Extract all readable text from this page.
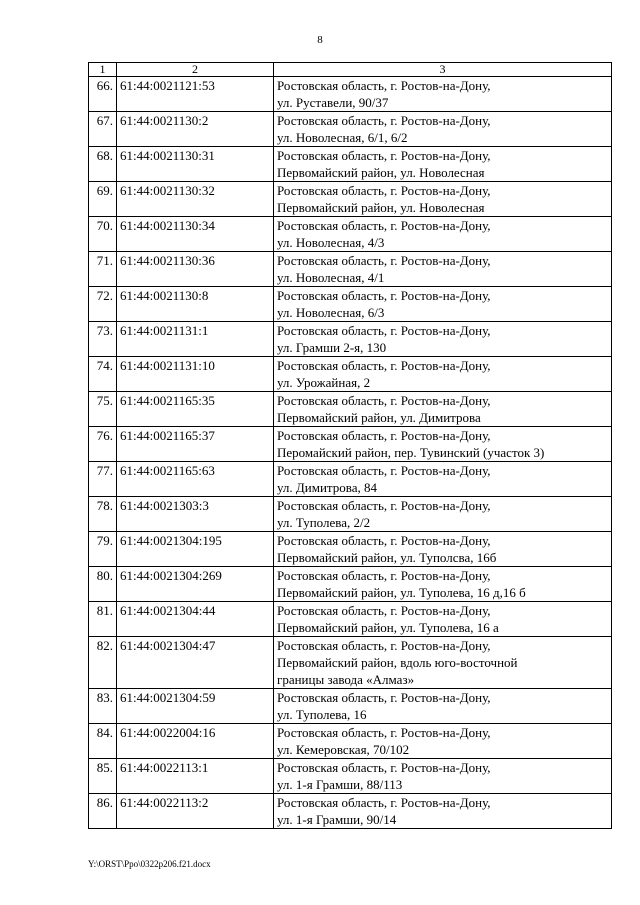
8
1	2	3
66.	61:44:0021121:53	Ростовская область, г. Ростов-на-Дону,
ул. Руставели, 90/37

67.	61:44:0021130:2	Ростовская область, г. Ростов-на-Дону,
ул. Новолесная, 6/1, 6/2

68.	61:44:0021130:31	Ростовская область, г. Ростов-на-Дону,
Первомайский район, ул. Новолесная

69.	61:44:0021130:32	Ростовская область, г. Ростов-на-Дону,
Первомайский район, ул. Новолесная

70.	61:44:0021130:34	Ростовская область, г. Ростов-на-Дону,
ул. Новолесная, 4/3

71.	61:44:0021130:36	Ростовская область, г. Ростов-на-Дону,
ул. Новолесная, 4/1

72.	61:44:0021130:8	Ростовская область, г. Ростов-на-Дону,
ул. Новолесная, 6/3

73.	61:44:0021131:1	Ростовская область, г. Ростов-на-Дону,
ул. Грамши 2-я, 130

74.	61:44:0021131:10	Ростовская область, г. Ростов-на-Дону,
ул. Урожайная, 2

75.	61:44:0021165:35	Ростовская область, г. Ростов-на-Дону,
Первомайский район, ул. Димитрова

76.	61:44:0021165:37	Ростовская область, г. Ростов-на-Дону,
Перомайский район, пер. Тувинский (участок 3)

77.	61:44:0021165:63	Ростовская область, г. Ростов-на-Дону,
ул. Димитрова, 84

78.	61:44:0021303:3	Ростовская область, г. Ростов-на-Дону,
ул. Туполева, 2/2

79.	61:44:0021304:195	Ростовская область, г. Ростов-на-Дону,
Первомайский район, ул. Туполсва, 16б

80.	61:44:0021304:269	Ростовская область, г. Ростов-на-Дону,
Первомайский район, ул. Туполева, 16 д,16 б

81.	61:44:0021304:44	Ростовская область, г. Ростов-на-Дону,
Первомайский район, ул. Туполева, 16 а

82.	61:44:0021304:47	Ростовская область, г. Ростов-на-Дону,
Первомайский район, вдоль юго-восточной
границы завода «Алмаз»

83.	61:44:0021304:59	Ростовская область, г. Ростов-на-Дону,
ул. Туполева, 16

84.	61:44:0022004:16	Ростовская область, г. Ростов-на-Дону,
ул. Кемеровская, 70/102

85.	61:44:0022113:1	Ростовская область, г. Ростов-на-Дону,
ул. 1-я Грамши, 88/113

86.	61:44:0022113:2	Ростовская область, г. Ростов-на-Дону,
ул. 1-я Грамши, 90/14
Y:\ORST\Ppo\0322p206.f21.docx
